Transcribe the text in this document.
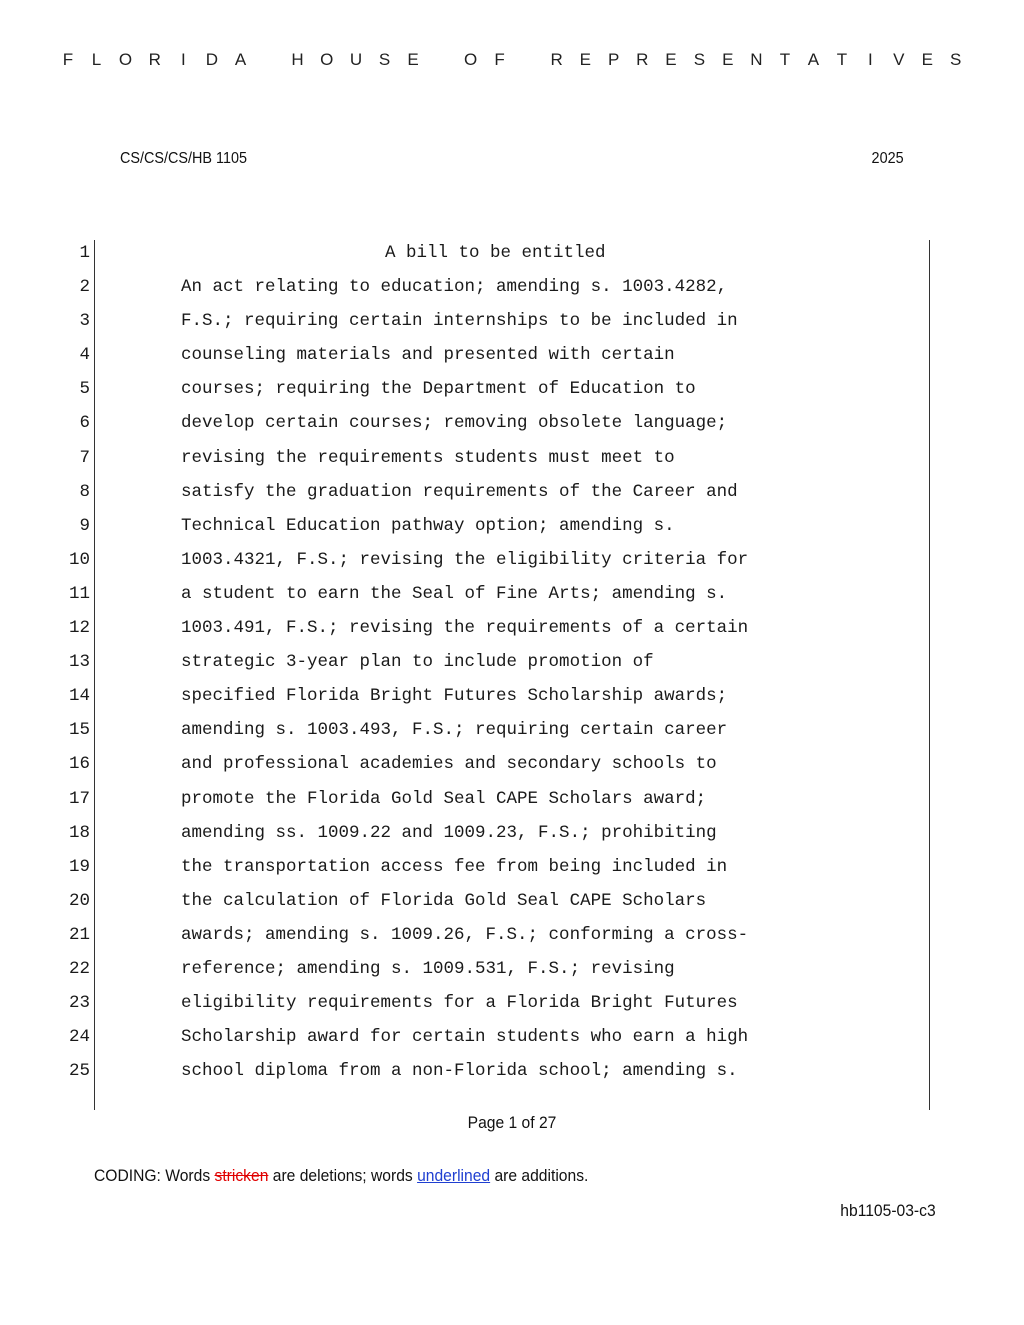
F L O R I D A	H O U S E	O F	R E P R E S E N T A T I V E S
CS/CS/CS/HB 1105	2025
1	A bill to be entitled
2	An act relating to education; amending s. 1003.4282,
3	F.S.; requiring certain internships to be included in
4	counseling materials and presented with certain
5	courses; requiring the Department of Education to
6	develop certain courses; removing obsolete language;
7	revising the requirements students must meet to
8	satisfy the graduation requirements of the Career and
9	Technical Education pathway option; amending s.
10	1003.4321, F.S.; revising the eligibility criteria for
11	a student to earn the Seal of Fine Arts; amending s.
12	1003.491, F.S.; revising the requirements of a certain
13	strategic 3-year plan to include promotion of
14	specified Florida Bright Futures Scholarship awards;
15	amending s. 1003.493, F.S.; requiring certain career
16	and professional academies and secondary schools to
17	promote the Florida Gold Seal CAPE Scholars award;
18	amending ss. 1009.22 and 1009.23, F.S.; prohibiting
19	the transportation access fee from being included in
20	the calculation of Florida Gold Seal CAPE Scholars
21	awards; amending s. 1009.26, F.S.; conforming a cross-
22	reference; amending s. 1009.531, F.S.; revising
23	eligibility requirements for a Florida Bright Futures
24	Scholarship award for certain students who earn a high
25	school diploma from a non-Florida school; amending s.
Page 1 of 27
CODING: Words stricken are deletions; words underlined are additions.
hb1105-03-c3
